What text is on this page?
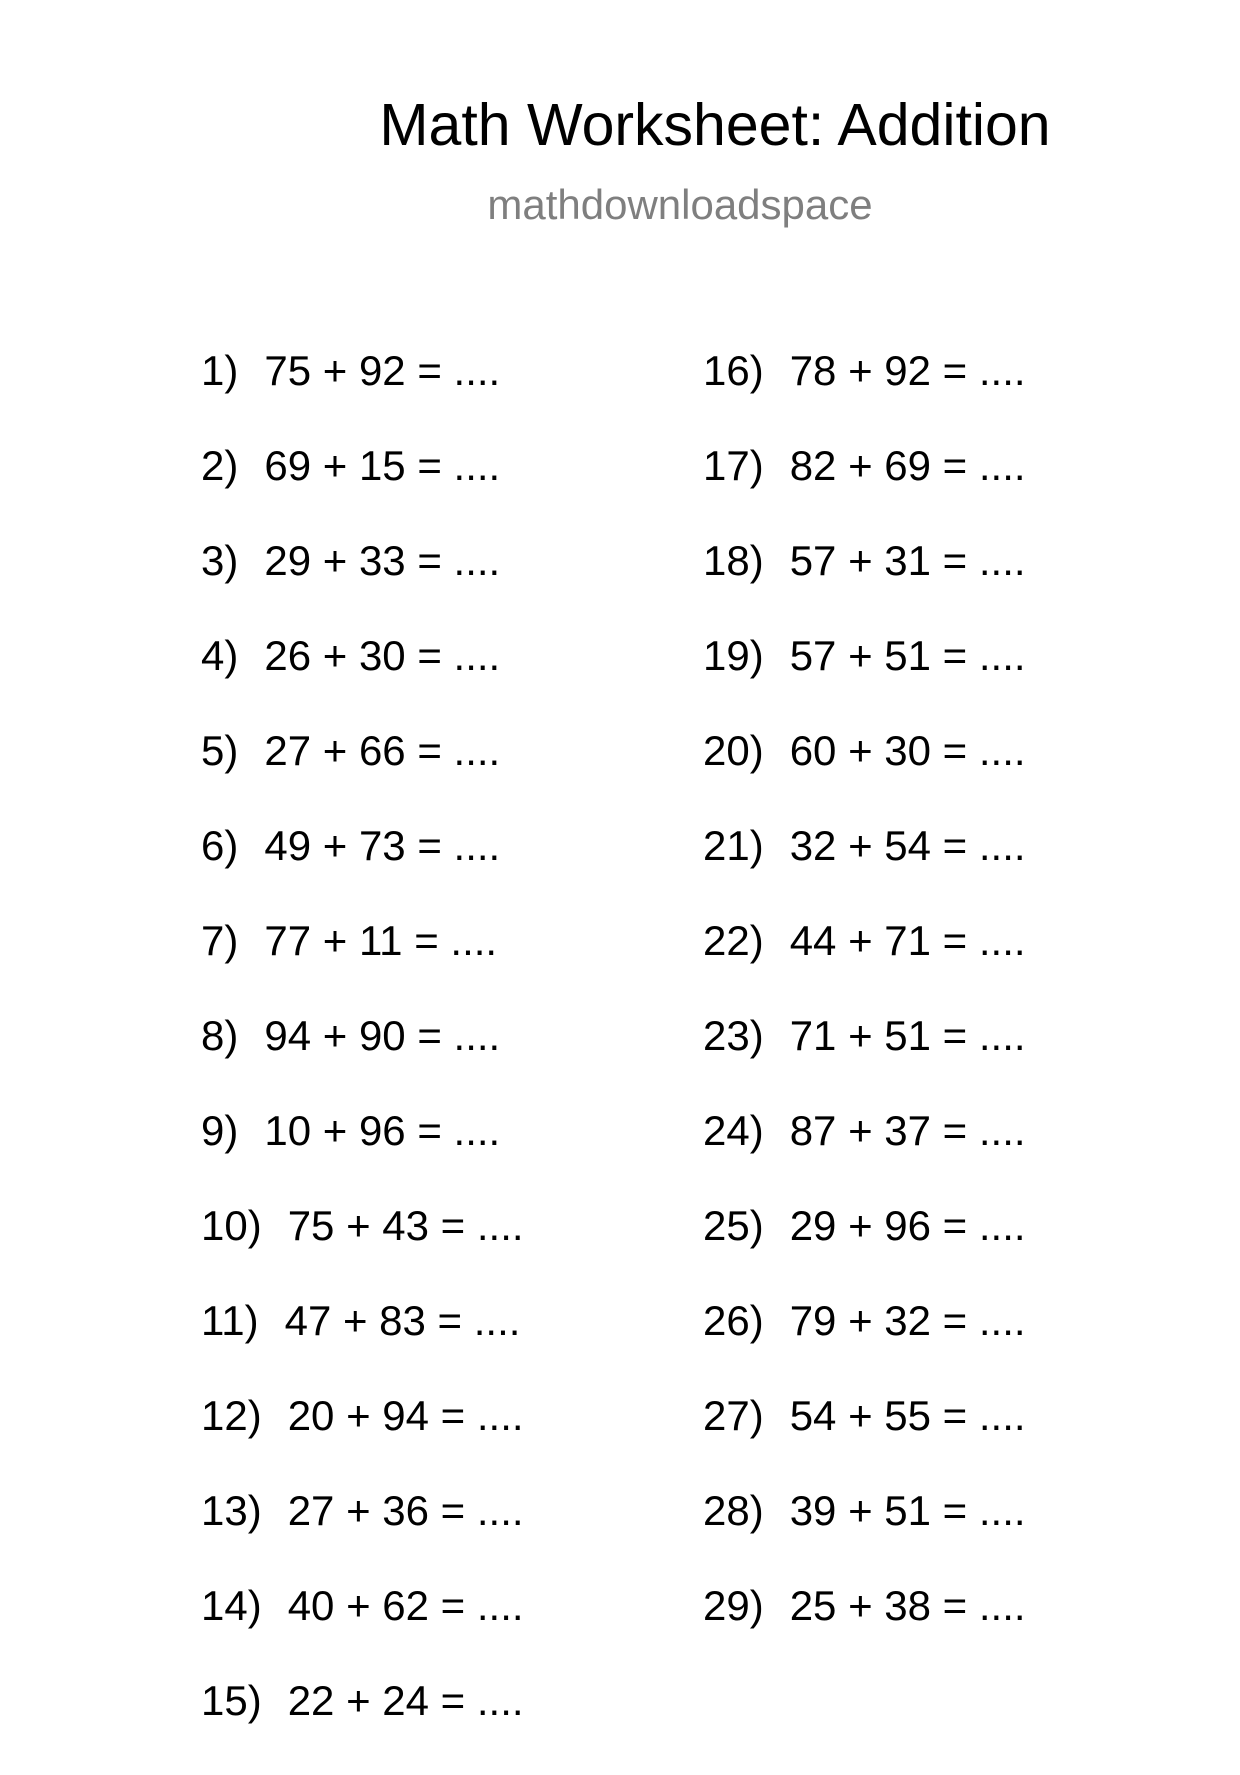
Math Worksheet: Addition
mathdownloadspace
1) 75 + 92 = ....
2) 69 + 15 = ....
3) 29 + 33 = ....
4) 26 + 30 = ....
5) 27 + 66 = ....
6) 49 + 73 = ....
7) 77 + 11 = ....
8) 94 + 90 = ....
9) 10 + 96 = ....
10) 75 + 43 = ....
11) 47 + 83 = ....
12) 20 + 94 = ....
13) 27 + 36 = ....
14) 40 + 62 = ....
15) 22 + 24 = ....
16) 78 + 92 = ....
17) 82 + 69 = ....
18) 57 + 31 = ....
19) 57 + 51 = ....
20) 60 + 30 = ....
21) 32 + 54 = ....
22) 44 + 71 = ....
23) 71 + 51 = ....
24) 87 + 37 = ....
25) 29 + 96 = ....
26) 79 + 32 = ....
27) 54 + 55 = ....
28) 39 + 51 = ....
29) 25 + 38 = ....
